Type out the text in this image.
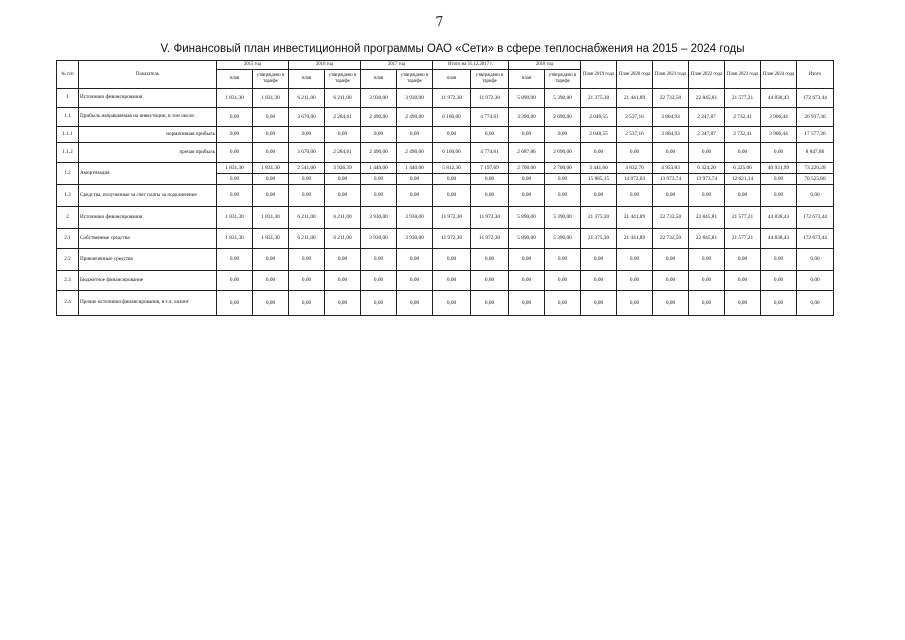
7
V. Финансовый план инвестиционной программы ОАО «Сети» в сфере теплоснабжения на 2015 – 2024 годы
№ п/п	Показатель	2015 год		2016 год		2017 год		Итого на 31.12.2017 г.		2018 год		План 2019 года	План 2020 года	План 2021 года	План 2022 года	План 2023 года	План 2024 года	Итого
		план	утверждено в тарифе	план	утверждено в тарифе	план	утверждено в тарифе	план	утверждено в тарифе	план	утверждено в тарифе							
1	Источники финансирования	1 831,30	1 831,30	6 211,00	6 211,00	3 930,00	3 930,00	11 972,30	11 972,30	5 890,00	5 390,00	21 375,30	21 441,89	22 732,50	22 845,81	21 577,21	44 838,43	172 673,44
1.1	Прибыль направляемая на инвестиции, в том числе:	0,00	0,00	3 670,00	2 284,61	2 490,00	2 490,00	6 160,00	4 774,61	3 390,00	2 690,00	2 048,55	2 537,16	3 804,93	2 347,87	2 732,41	3 906,44	26 937,36
1.1.1	нормативная прибыль	0,00	0,00	0,00	0,00	0,00	0,00	0,00	0,00	0,00	0,00	2 048,55	2 537,16	3 804,93	2 347,87	2 732,41	3 906,44	17 577,36
1.1.2	прочая прибыль	0,00	0,00	3 670,00	2 284,61	2 490,00	2 490,00	6 160,00	4 774,61	2 687,86	2 690,00	0,00	0,00	0,00	0,00	0,00	0,00	8 847,86
1.2	Амортизация	1 831,30	1 831,30	2 541,00	3 926,39	1 440,00	1 440,00	5 812,30	7 197,69	2 700,00	2 700,00	3 441,60	4 832,70	4 953,83	6 324,20	6 225,66	40 931,99	73 220,28
		0,00	0,00	0,00	0,00	0,00	0,00	0,00	0,00	0,00	0,00	15 885,15	14 072,03	13 973,74	13 973,74	12 621,14	0,00	70 525,80
1.3	Средства, полученные за счет платы за подключение	0,00	0,00	0,00	0,00	0,00	0,00	0,00	0,00	0,00	0,00	0,00	0,00	0,00	0,00	0,00	0,00	0,00
2	Источники финансирования	1 831,30	1 831,30	6 211,00	6 211,00	3 930,00	3 930,00	11 972,30	11 972,30	5 890,00	5 390,00	21 375,30	21 441,89	22 732,50	22 845,81	21 577,21	44 838,43	172 673,44
2.1	Собственные средства	1 831,30	1 831,30	6 211,00	6 211,00	3 930,00	3 930,00	11 972,30	11 972,30	5 890,00	5 390,00	21 375,30	21 441,89	22 732,50	22 845,81	21 577,21	44 838,43	172 673,44
2.2	Привлеченные средства	0,00	0,00	0,00	0,00	0,00	0,00	0,00	0,00	0,00	0,00	0,00	0,00	0,00	0,00	0,00	0,00	0,00
2.3	Бюджетное финансирование	0,00	0,00	0,00	0,00	0,00	0,00	0,00	0,00	0,00	0,00	0,00	0,00	0,00	0,00	0,00	0,00	0,00
2.4	Прочие источники финансирования, в т.ч. лизинг	0,00	0,00	0,00	0,00	0,00	0,00	0,00	0,00	0,00	0,00	0,00	0,00	0,00	0,00	0,00	0,00	0,00
